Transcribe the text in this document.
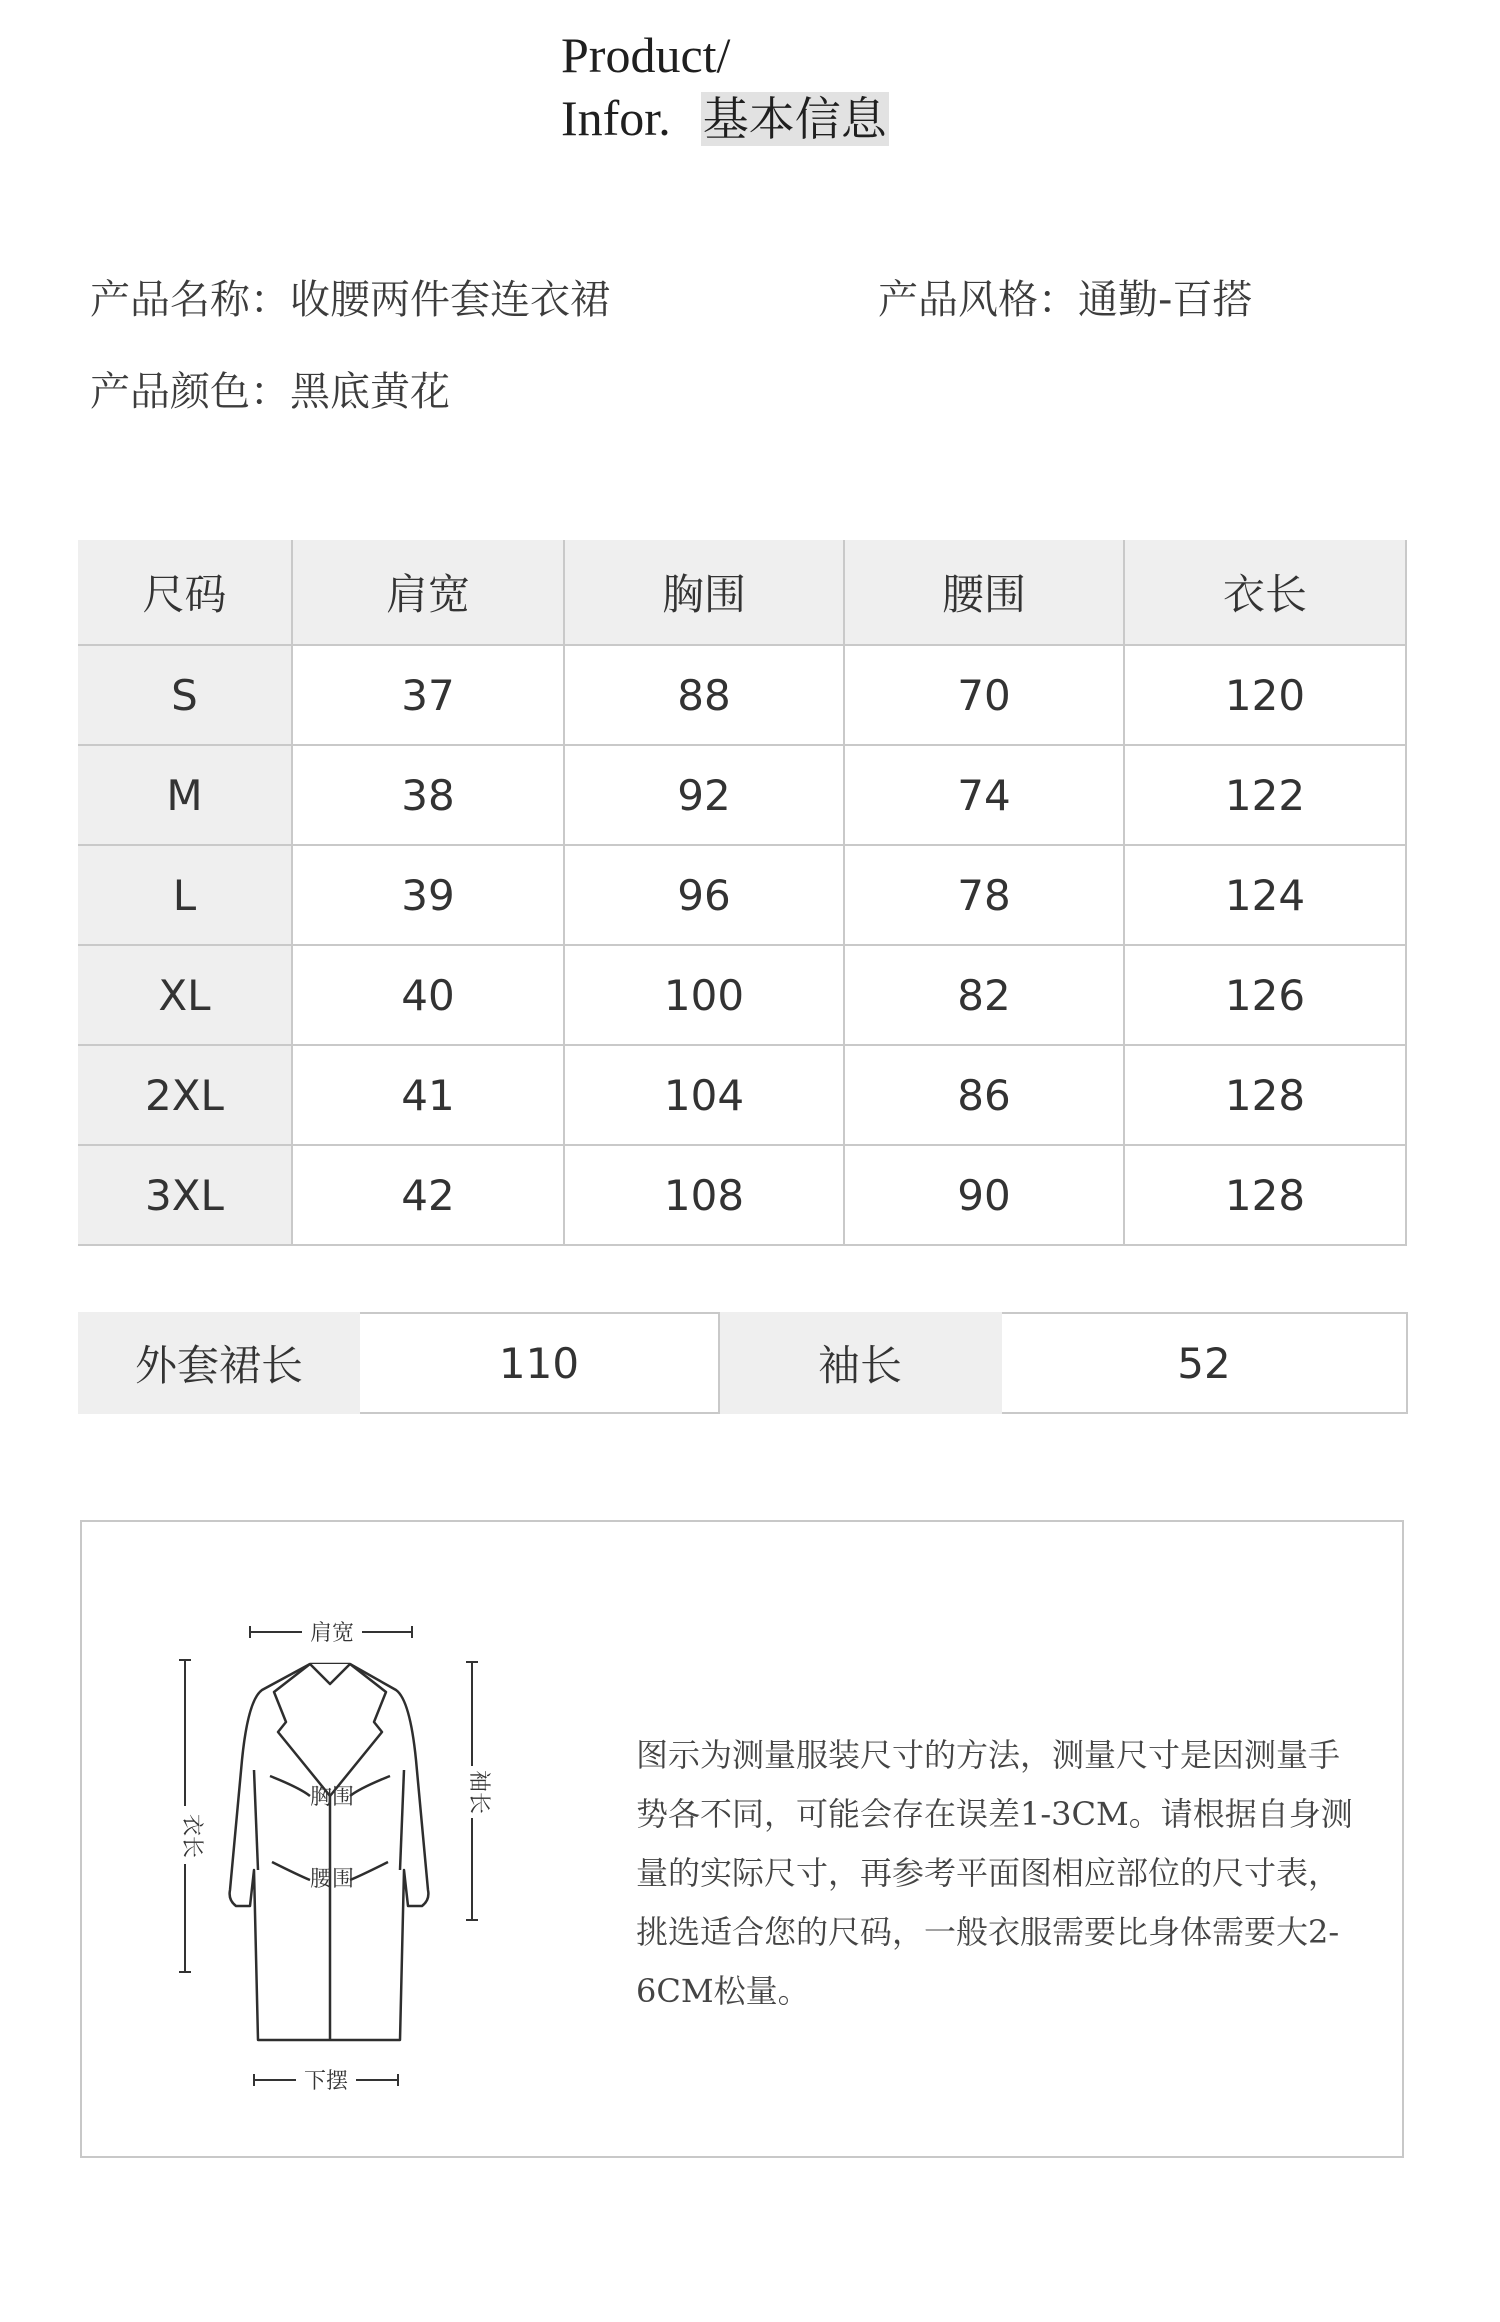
Product/
Infor. 基本信息
产品名称：收腰两件套连衣裙	产品风格：通勤-百搭
产品颜色：黑底黄花
尺码	肩宽	胸围	腰围	衣长
S	37	88	70	120
M	38	92	74	122
L	39	96	78	124
XL	40	100	82	126
2XL	41	104	86	128
3XL	42	108	90	128
外套裙长	110	袖长	52
肩宽
胸围
腰围
下摆
衣长
袖长
图示为测量服装尺寸的方法，测量尺寸是因测量手势各不同，可能会存在误差1-3CM。请根据自身测量的实际尺寸，再参考平面图相应部位的尺寸表，挑选适合您的尺码，一般衣服需要比身体需要大2-6CM松量。
